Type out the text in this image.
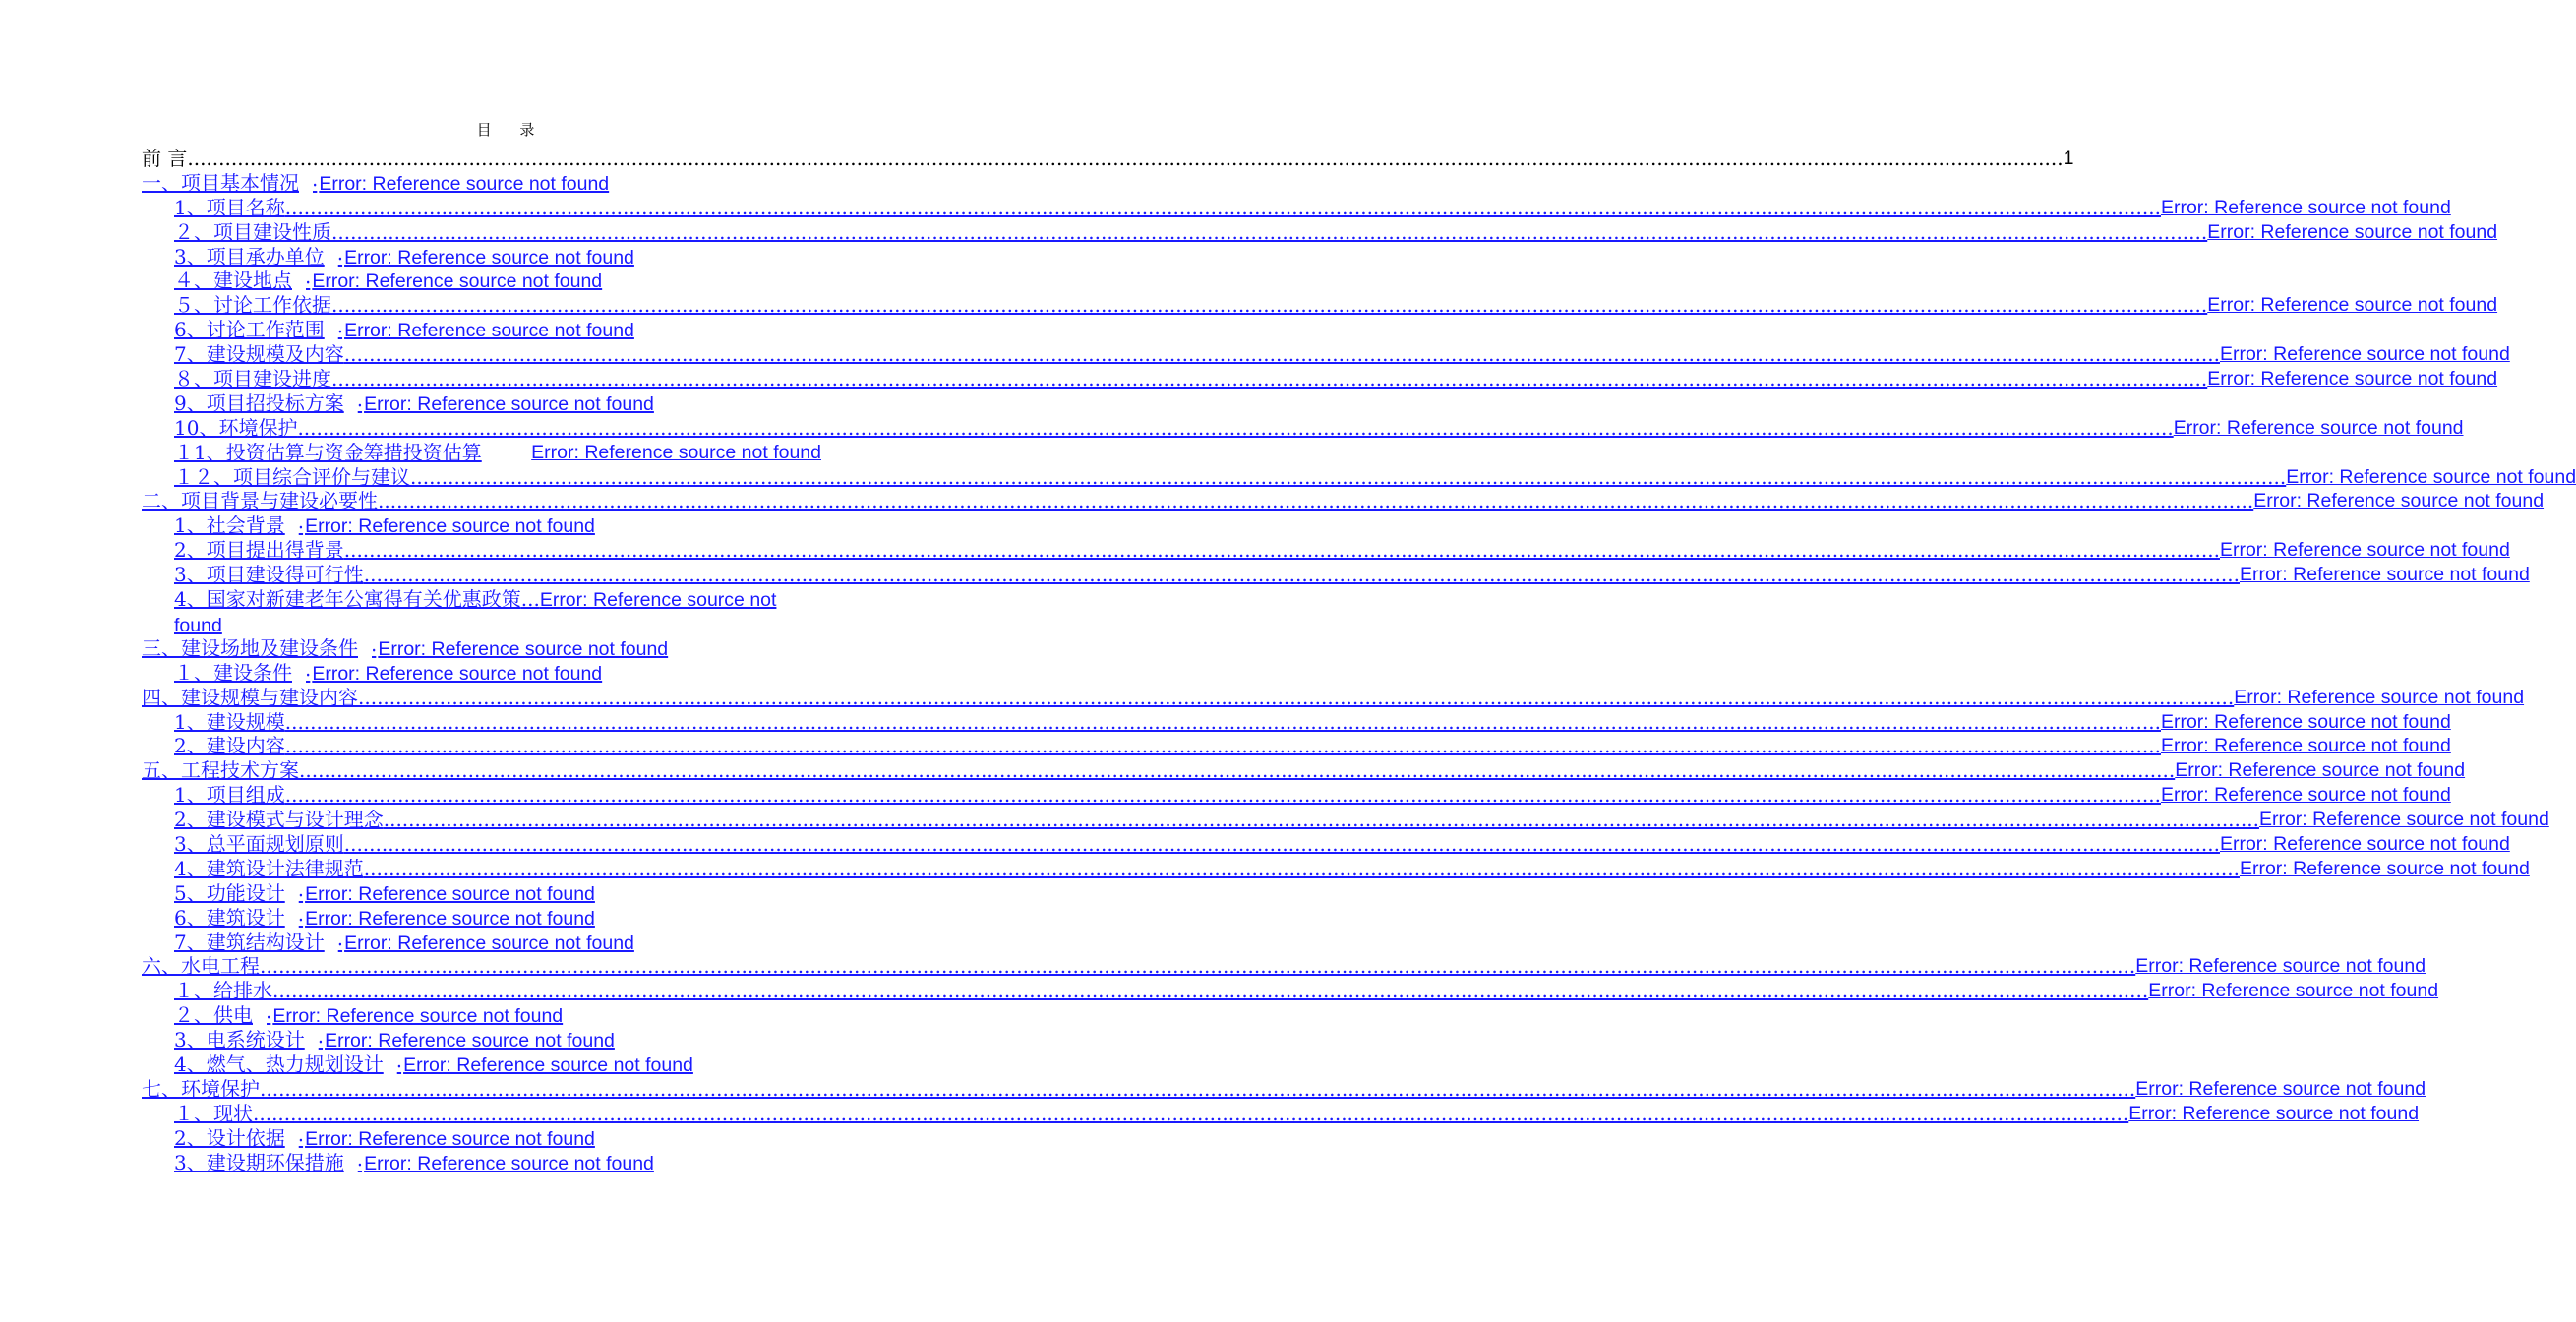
目 录
前 言 ............................................................................................................................................................................................................................................................................................................ 1
一、项目基本情况 ꞏ Error: Reference source not found
1、项目名称 ............................................................................................................................................................................................................................................................................................................ Error: Reference source not found
２、项目建设性质 ............................................................................................................................................................................................................................................................................................................ Error: Reference source not found
3、项目承办单位 ꞏ Error: Reference source not found
４、建设地点 ꞏ Error: Reference source not found
５、讨论工作依据 ............................................................................................................................................................................................................................................................................................................ Error: Reference source not found
6、讨论工作范围 ꞏ Error: Reference source not found
7、建设规模及内容 ............................................................................................................................................................................................................................................................................................................ Error: Reference source not found
８、项目建设进度 ............................................................................................................................................................................................................................................................................................................ Error: Reference source not found
9、项目招投标方案 ꞏ Error: Reference source not found
10、环境保护 ............................................................................................................................................................................................................................................................................................................ Error: Reference source not found
１1、投资估算与资金筹措投资估算	Error: Reference source not found
１２、项目综合评价与建议 ............................................................................................................................................................................................................................................................................................................ Error: Reference source not found
二、项目背景与建设必要性 ............................................................................................................................................................................................................................................................................................................ Error: Reference source not found
1、社会背景 ꞏ Error: Reference source not found
2、项目提出得背景 ............................................................................................................................................................................................................................................................................................................ Error: Reference source not found
3、项目建设得可行性 ............................................................................................................................................................................................................................................................................................................ Error: Reference source not found
4、国家对新建老年公寓得有关优惠政策...Error: Reference source not found
三、建设场地及建设条件 ꞏ Error: Reference source not found
１、建设条件 ꞏ Error: Reference source not found
四、建设规模与建设内容 ............................................................................................................................................................................................................................................................................................................ Error: Reference source not found
1、建设规模 ............................................................................................................................................................................................................................................................................................................ Error: Reference source not found
2、建设内容 ............................................................................................................................................................................................................................................................................................................ Error: Reference source not found
五、工程技术方案 ............................................................................................................................................................................................................................................................................................................ Error: Reference source not found
1、项目组成 ............................................................................................................................................................................................................................................................................................................ Error: Reference source not found
2、建设模式与设计理念 ............................................................................................................................................................................................................................................................................................................ Error: Reference source not found
3、总平面规划原则 ............................................................................................................................................................................................................................................................................................................ Error: Reference source not found
4、建筑设计法律规范 ............................................................................................................................................................................................................................................................................................................ Error: Reference source not found
5、功能设计 ꞏ Error: Reference source not found
6、建筑设计 ꞏ Error: Reference source not found
7、建筑结构设计 ꞏ Error: Reference source not found
六、水电工程 ............................................................................................................................................................................................................................................................................................................ Error: Reference source not found
１、给排水 ............................................................................................................................................................................................................................................................................................................ Error: Reference source not found
２、供电 ꞏ Error: Reference source not found
3、电系统设计 ꞏ Error: Reference source not found
4、燃气、热力规划设计 ꞏ Error: Reference source not found
七、环境保护 ............................................................................................................................................................................................................................................................................................................ Error: Reference source not found
１、现状 ............................................................................................................................................................................................................................................................................................................ Error: Reference source not found
2、设计依据 ꞏ Error: Reference source not found
3、建设期环保措施 ꞏ Error: Reference source not found
